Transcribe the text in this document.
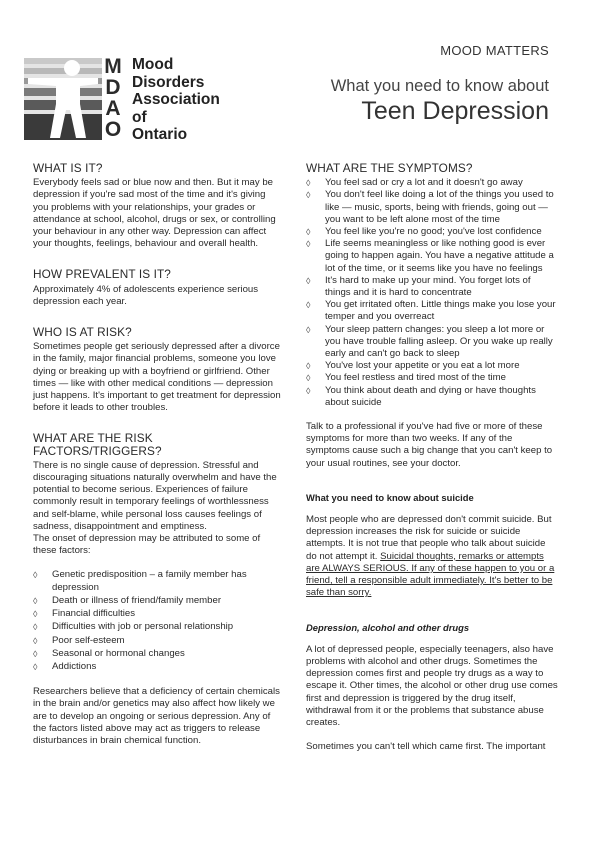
M
D
A
O
Mood
Disorders
Association
of
Ontario
MOOD MATTERS
What you need to know about
Teen Depression
WHAT IS IT?

Everybody feels sad or blue now and then. But it may be depression if you're sad most of the time and it's giving you problems with your relationships, your grades or attendance at school, alcohol, drugs or sex, or controlling your behaviour in any other way. Depression can affect your thoughts, feelings, behaviour and overall health.

HOW PREVALENT IS IT?

Approximately 4% of adolescents experience serious depression each year.

WHO IS AT RISK?

Sometimes people get seriously depressed after a divorce in the family, major financial problems, someone you love dying or breaking up with a boyfriend or girlfriend. Other times — like with other medical conditions — depression just happens. It's important to get treatment for depression before it leads to other troubles.

WHAT ARE THE RISK FACTORS/TRIGGERS?

There is no single cause of depression. Stressful and discouraging situations naturally overwhelm and have the potential to become serious. Experiences of failure commonly result in temporary feelings of worthlessness and self-blame, while personal loss causes feelings of sadness, disappointment and emptiness.

The onset of depression may be attributed to some of these factors:

◊ Genetic predisposition – a family member has depression
◊ Death or illness of friend/family member
◊ Financial difficulties
◊ Difficulties with job or personal relationship
◊ Poor self-esteem
◊ Seasonal or hormonal changes
◊ Addictions

Researchers believe that a deficiency of certain chemicals in the brain and/or genetics may also affect how likely we are to develop an ongoing or serious depression. Any of the factors listed above may act as triggers to release disturbances in brain chemical function.

WHAT ARE THE SYMPTOMS?
◊ You feel sad or cry a lot and it doesn't go away
◊ You don't feel like doing a lot of the things you used to like — music, sports, being with friends, going out — you want to be left alone most of the time
◊ You feel like you're no good; you've lost confidence
◊ Life seems meaningless or like nothing good is ever going to happen again. You have a negative attitude a lot of the time, or it seems like you have no feelings
◊ It's hard to make up your mind. You forget lots of things and it is hard to concentrate
◊ You get irritated often. Little things make you lose your temper and you overreact
◊ Your sleep pattern changes: you sleep a lot more or you have trouble falling asleep. Or you wake up really early and can't go back to sleep
◊ You've lost your appetite or you eat a lot more
◊ You feel restless and tired most of the time
◊ You think about death and dying or have thoughts about suicide

Talk to a professional if you've had five or more of these symptoms for more than two weeks. If any of the symptoms cause such a big change that you can't keep to your usual routines, see your doctor.

What you need to know about suicide

Most people who are depressed don't commit suicide. But depression increases the risk for suicide or suicide attempts. It is not true that people who talk about suicide do not attempt it. Suicidal thoughts, remarks or attempts are ALWAYS SERIOUS. If any of these happen to you or a friend, tell a responsible adult immediately. It's better to be safe than sorry.

Depression, alcohol and other drugs

A lot of depressed people, especially teenagers, also have problems with alcohol and other drugs. Sometimes the depression comes first and people try drugs as a way to escape it. Other times, the alcohol or other drug use comes first and depression is triggered by the drug itself, withdrawal from it or the problems that substance abuse creates.

Sometimes you can't tell which came first. The important
